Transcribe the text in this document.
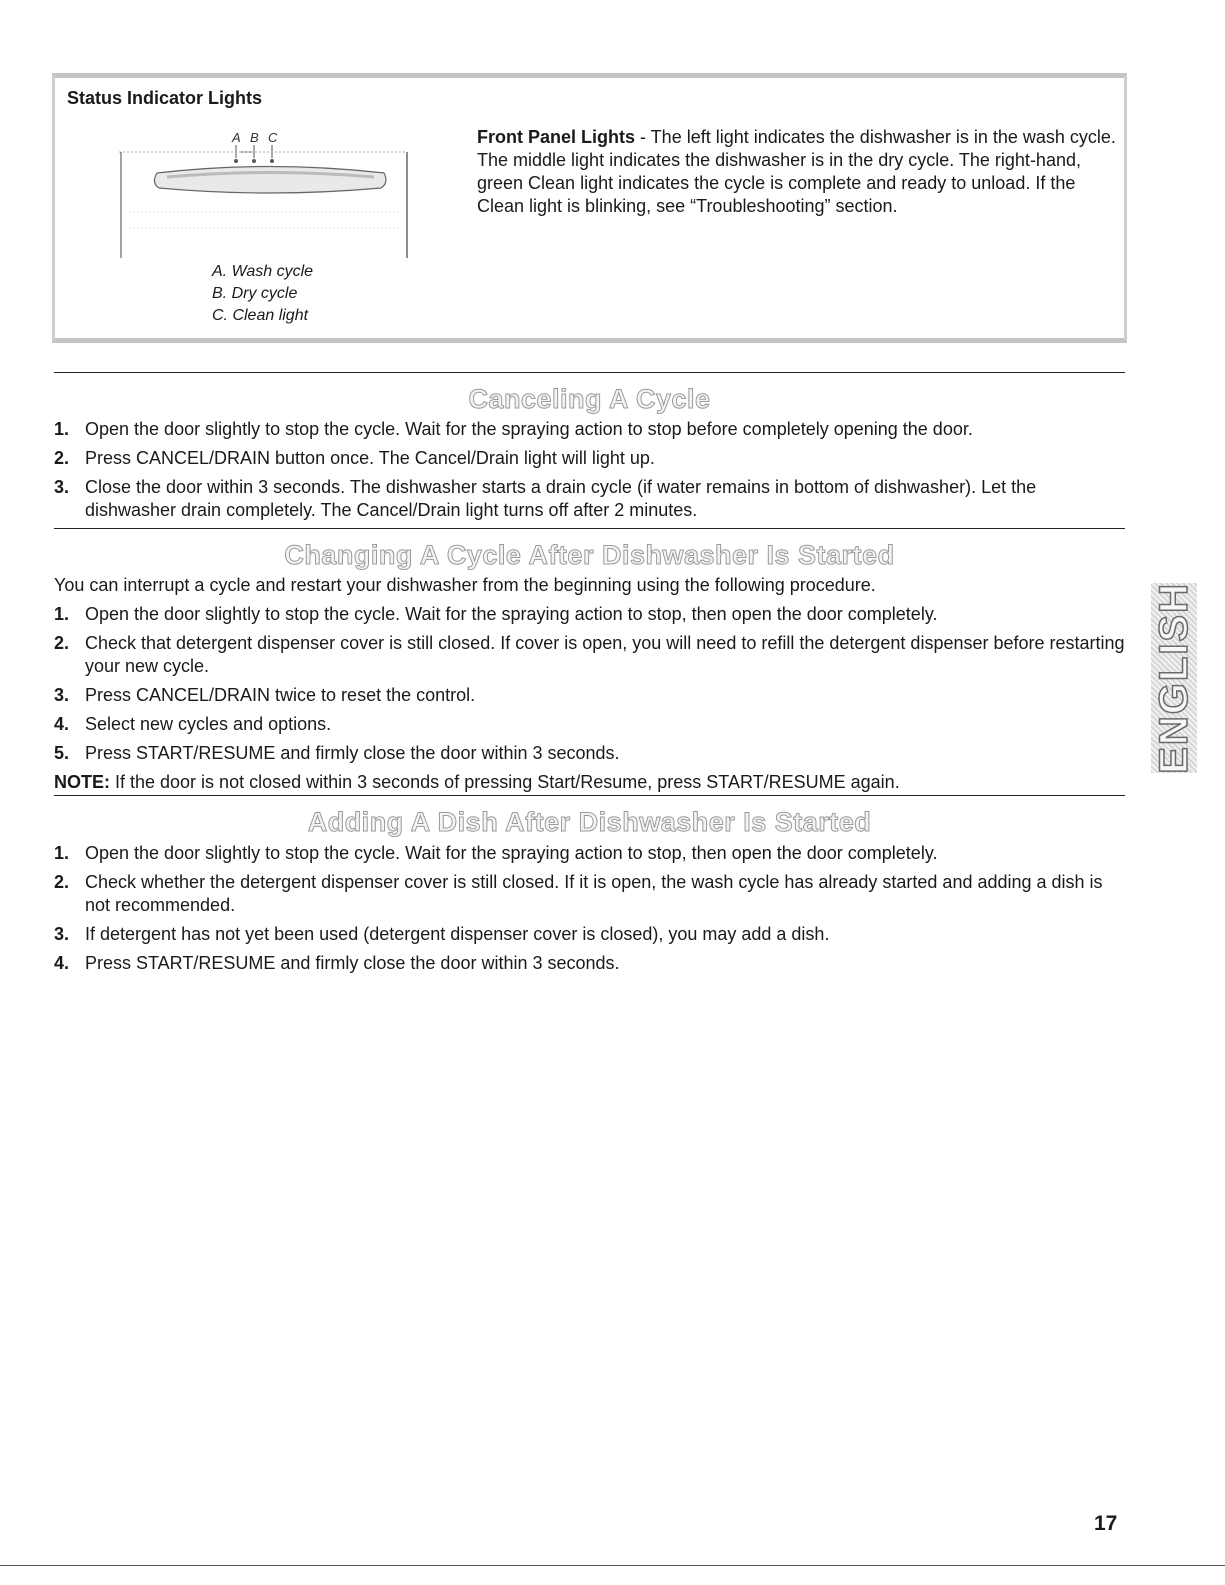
Status Indicator Lights
A B C
A. Wash cycle
B. Dry cycle
C. Clean light
Front Panel Lights - The left light indicates the dishwasher is in the wash cycle. The middle light indicates the dishwasher is in the dry cycle. The right-hand, green Clean light indicates the cycle is complete and ready to unload. If the Clean light is blinking, see “Troubleshooting” section.
Canceling A Cycle
1. Open the door slightly to stop the cycle. Wait for the spraying action to stop before completely opening the door.
2. Press CANCEL/DRAIN button once. The Cancel/Drain light will light up.
3. Close the door within 3 seconds. The dishwasher starts a drain cycle (if water remains in bottom of dishwasher). Let the dishwasher drain completely. The Cancel/Drain light turns off after 2 minutes.
Changing A Cycle After Dishwasher Is Started
You can interrupt a cycle and restart your dishwasher from the beginning using the following procedure.
1. Open the door slightly to stop the cycle. Wait for the spraying action to stop, then open the door completely.
2. Check that detergent dispenser cover is still closed. If cover is open, you will need to refill the detergent dispenser before restarting your new cycle.
3. Press CANCEL/DRAIN twice to reset the control.
4. Select new cycles and options.
5. Press START/RESUME and firmly close the door within 3 seconds.
NOTE: If the door is not closed within 3 seconds of pressing Start/Resume, press START/RESUME again.
Adding A Dish After Dishwasher Is Started
1. Open the door slightly to stop the cycle. Wait for the spraying action to stop, then open the door completely.
2. Check whether the detergent dispenser cover is still closed. If it is open, the wash cycle has already started and adding a dish is not recommended.
3. If detergent has not yet been used (detergent dispenser cover is closed), you may add a dish.
4. Press START/RESUME and firmly close the door within 3 seconds.
ENGLISH
17
